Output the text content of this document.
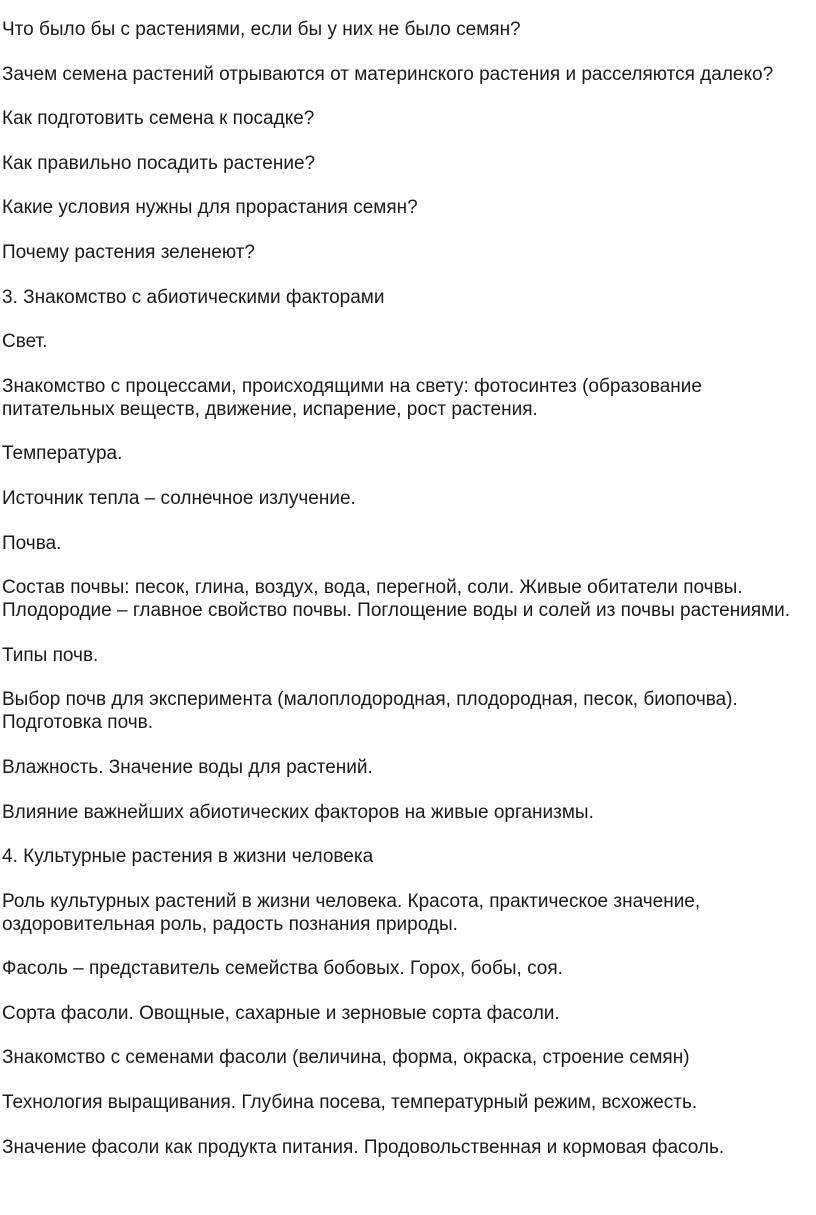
Что было бы с растениями, если бы у них не было семян?

Зачем семена растений отрываются от материнского растения и расселяются далеко?

Как подготовить семена к посадке?

Как правильно посадить растение?

Какие условия нужны для прорастания семян?

Почему растения зеленеют?

3. Знакомство с абиотическими факторами

Свет.

Знакомство с процессами, происходящими на свету: фотосинтез (образование питательных веществ, движение, испарение, рост растения.

Температура.

Источник тепла – солнечное излучение.

Почва.

Состав почвы: песок, глина, воздух, вода, перегной, соли. Живые обитатели почвы. Плодородие – главное свойство почвы. Поглощение воды и солей из почвы растениями.

Типы почв.

Выбор почв для эксперимента (малоплодородная, плодородная, песок, биопочва). Подготовка почв.

Влажность. Значение воды для растений.

Влияние важнейших абиотических факторов на живые организмы.

4. Культурные растения в жизни человека

Роль культурных растений в жизни человека. Красота, практическое значение, оздоровительная роль, радость познания природы.

Фасоль – представитель семейства бобовых. Горох, бобы, соя.

Сорта фасоли. Овощные, сахарные и зерновые сорта фасоли.

Знакомство с семенами фасоли (величина, форма, окраска, строение семян)

Технология выращивания. Глубина посева, температурный режим, всхожесть.

Значение фасоли как продукта питания. Продовольственная и кормовая фасоль.
